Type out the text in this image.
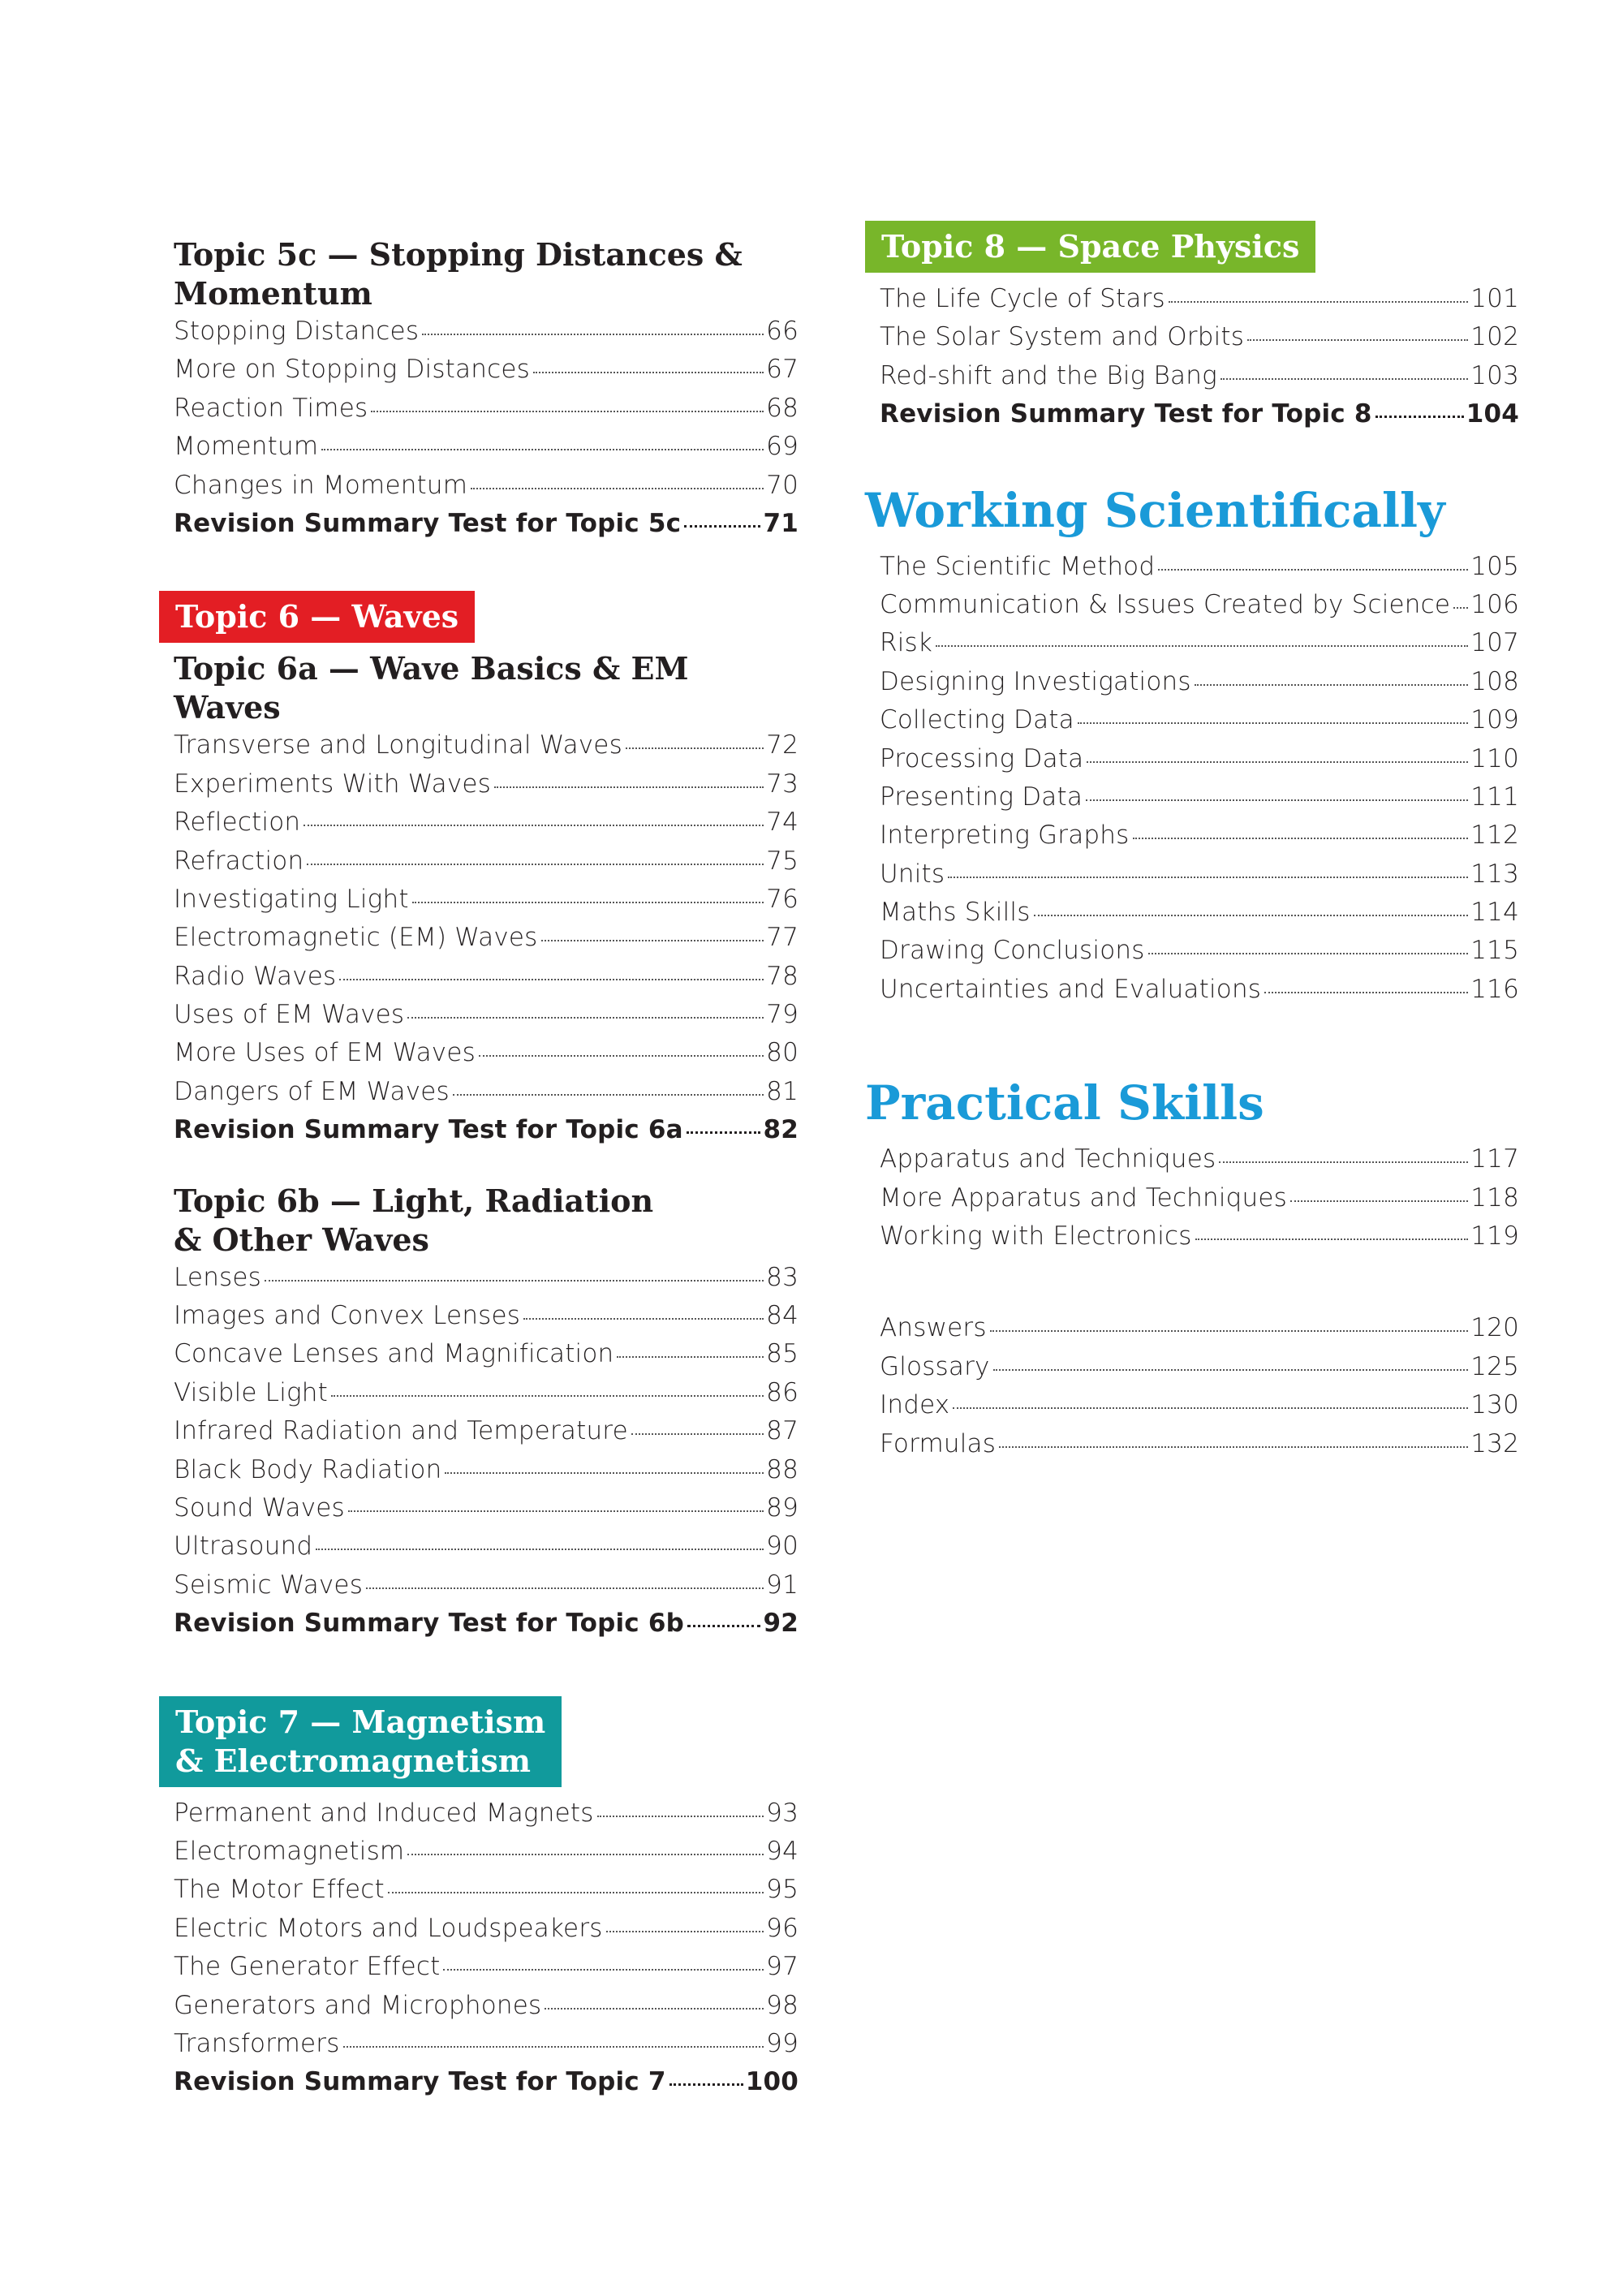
Topic 5c — Stopping Distances & Momentum
Stopping Distances	66
More on Stopping Distances	67
Reaction Times	68
Momentum	69
Changes in Momentum	70
Revision Summary Test for Topic 5c	71
Topic 6 — Waves
Topic 6a — Wave Basics & EM Waves
Transverse and Longitudinal Waves	72
Experiments With Waves	73
Reflection	74
Refraction	75
Investigating Light	76
Electromagnetic (EM) Waves	77
Radio Waves	78
Uses of EM Waves	79
More Uses of EM Waves	80
Dangers of EM Waves	81
Revision Summary Test for Topic 6a	82
Topic 6b — Light, Radiation
& Other Waves
Lenses	83
Images and Convex Lenses	84
Concave Lenses and Magnification	85
Visible Light	86
Infrared Radiation and Temperature	87
Black Body Radiation	88
Sound Waves	89
Ultrasound	90
Seismic Waves	91
Revision Summary Test for Topic 6b	92
Topic 7 — Magnetism
& Electromagnetism
Permanent and Induced Magnets	93
Electromagnetism	94
The Motor Effect	95
Electric Motors and Loudspeakers	96
The Generator Effect	97
Generators and Microphones	98
Transformers	99
Revision Summary Test for Topic 7	100
Topic 8 — Space Physics
The Life Cycle of Stars	101
The Solar System and Orbits	102
Red-shift and the Big Bang	103
Revision Summary Test for Topic 8	104
Working Scientifically
The Scientific Method	105
Communication & Issues Created by Science 106
Risk	107
Designing Investigations	108
Collecting Data	109
Processing Data	110
Presenting Data	111
Interpreting Graphs	112
Units	113
Maths Skills	114
Drawing Conclusions	115
Uncertainties and Evaluations	116
Practical Skills
Apparatus and Techniques	117
More Apparatus and Techniques	118
Working with Electronics	119
Answers	120
Glossary	125
Index	130
Formulas	132
